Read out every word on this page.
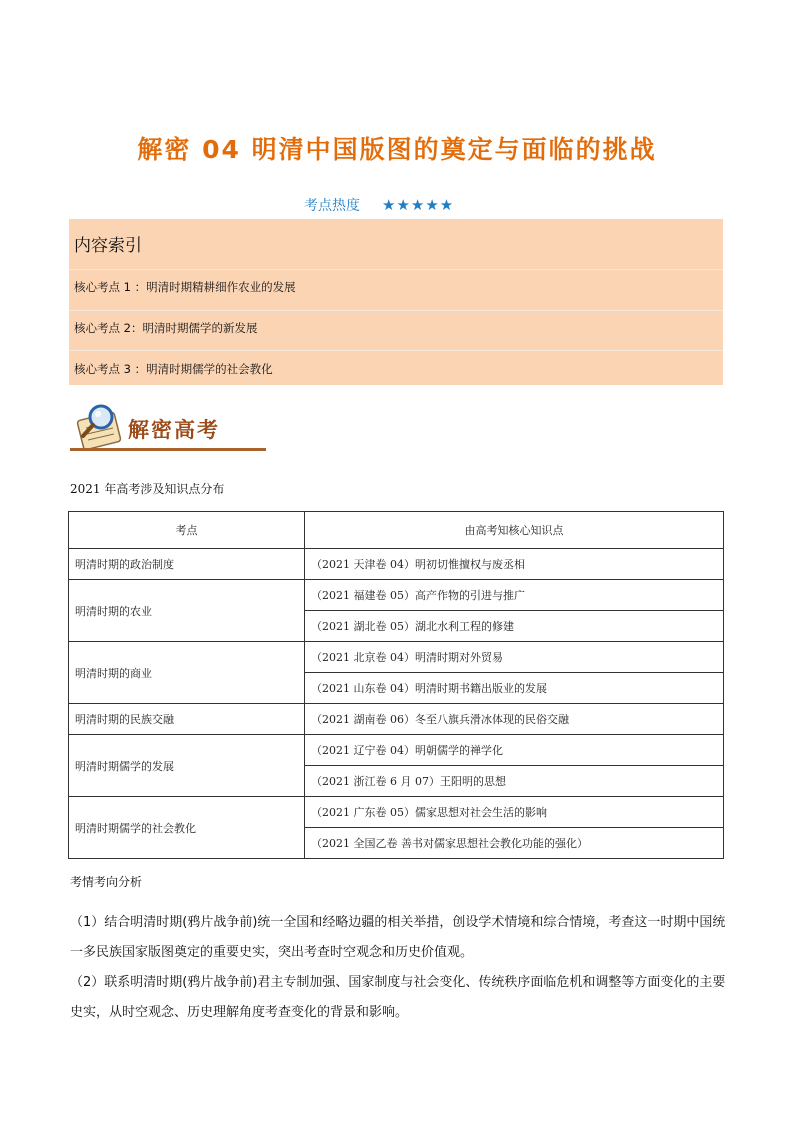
解密 04 明清中国版图的奠定与面临的挑战
考点热度 ★★★★★
内容索引
核心考点 1 ：明清时期精耕细作农业的发展
核心考点 2：明清时期儒学的新发展
核心考点 3 ：明清时期儒学的社会教化
解密高考
2021 年高考涉及知识点分布
考点	由高考知核心知识点
明清时期的政治制度	（2021 天津卷 04）明初切惟擅权与废丞相
明清时期的农业	（2021 福建卷 05）高产作物的引进与推广
	（2021 湖北卷 05）湖北水利工程的修建
明清时期的商业	（2021 北京卷 04）明清时期对外贸易
	（2021 山东卷 04）明清时期书籍出版业的发展
明清时期的民族交融	（2021 湖南卷 06）冬至八旗兵滑冰体现的民俗交融
明清时期儒学的发展	（2021 辽宁卷 04）明朝儒学的禅学化
	（2021 浙江卷 6 月 07）王阳明的思想
明清时期儒学的社会教化	（2021 广东卷 05）儒家思想对社会生活的影响
	（2021 全国乙卷 善书对儒家思想社会教化功能的强化）
考情考向分析
（1）结合明清时期(鸦片战争前)统一全国和经略边疆的相关举措，创设学术情境和综合情境，考查这一时期中国统一多民族国家版图奠定的重要史实，突出考查时空观念和历史价值观。
（2）联系明清时期(鸦片战争前)君主专制加强、国家制度与社会变化、传统秩序面临危机和调整等方面变化的主要史实，从时空观念、历史理解角度考查变化的背景和影响。
